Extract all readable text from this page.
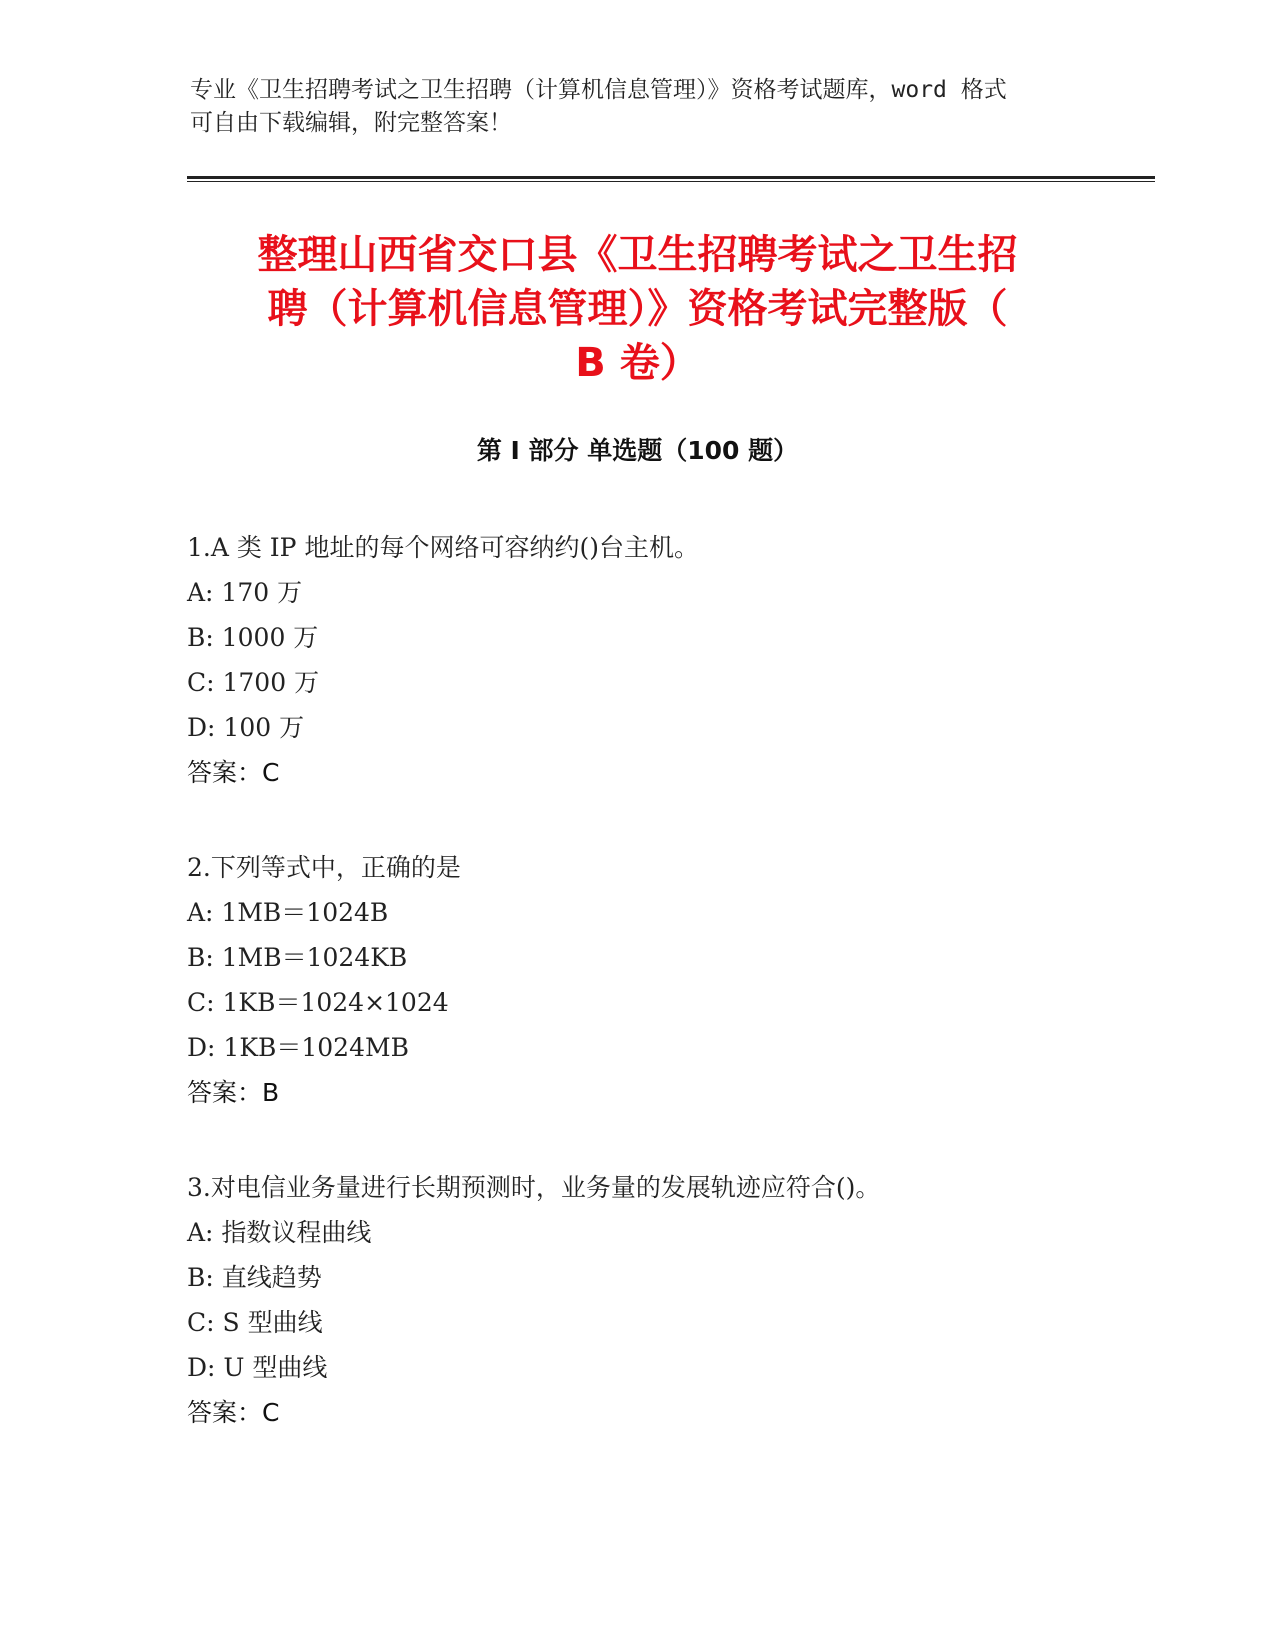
专业《卫生招聘考试之卫生招聘（计算机信息管理）》资格考试题库，word 格式

可自由下载编辑，附完整答案！

整理山西省交口县《卫生招聘考试之卫生招
聘（计算机信息管理）》资格考试完整版（
B 卷）
第 I 部分 单选题（100 题）
1.A 类 IP 地址的每个网络可容纳约()台主机。
A: 170 万
B: 1000 万
C: 1700 万
D: 100 万
答案：C
2.下列等式中，正确的是
A: 1MB＝1024B
B: 1MB＝1024KB
C: 1KB＝1024×1024
D: 1KB＝1024MB
答案：B
3.对电信业务量进行长期预测时，业务量的发展轨迹应符合()。
A: 指数议程曲线
B: 直线趋势
C: S 型曲线
D: U 型曲线
答案：C
